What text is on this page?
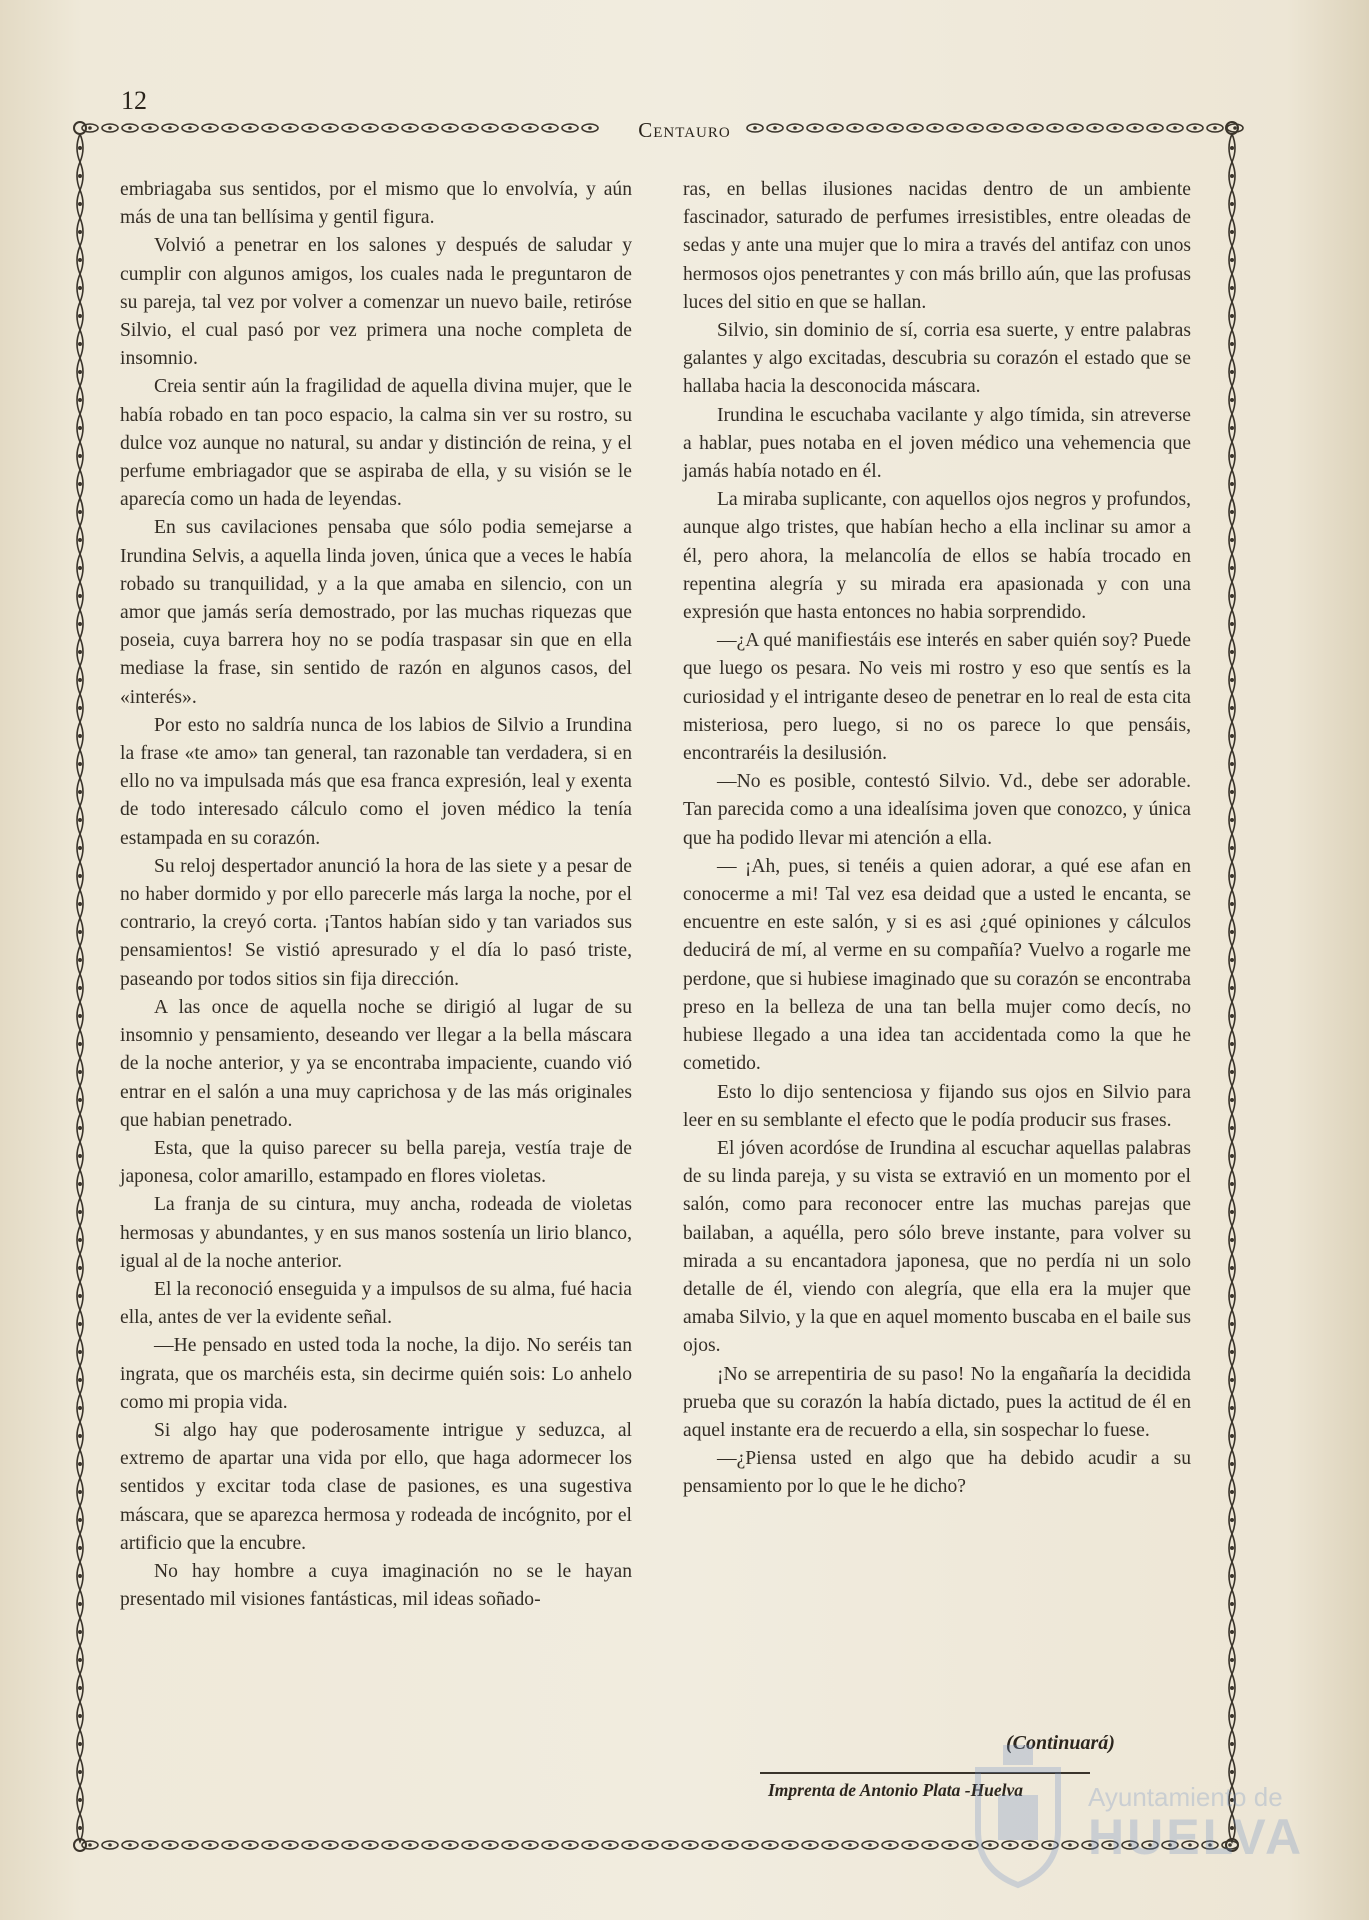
12
Centauro

embriagaba sus sentidos, por el mismo que lo envolvía, y aún más de una tan bellísima y gentil figura.

Volvió a penetrar en los salones y después de saludar y cumplir con algunos amigos, los cuales nada le preguntaron de su pareja, tal vez por volver a comenzar un nuevo baile, retiróse Silvio, el cual pasó por vez primera una noche completa de insomnio.

Creia sentir aún la fragilidad de aquella divina mujer, que le había robado en tan poco espacio, la calma sin ver su rostro, su dulce voz aunque no natural, su andar y distinción de reina, y el perfume embriagador que se aspiraba de ella, y su visión se le aparecía como un hada de leyendas.

En sus cavilaciones pensaba que sólo podia semejarse a Irundina Selvis, a aquella linda joven, única que a veces le había robado su tranquilidad, y a la que amaba en silencio, con un amor que jamás sería demostrado, por las muchas riquezas que poseia, cuya barrera hoy no se podía traspasar sin que en ella mediase la frase, sin sentido de razón en algunos casos, del «interés».

Por esto no saldría nunca de los labios de Silvio a Irundina la frase «te amo» tan general, tan razonable tan verdadera, si en ello no va impulsada más que esa franca expresión, leal y exenta de todo interesado cálculo como el joven médico la tenía estampada en su corazón.

Su reloj despertador anunció la hora de las siete y a pesar de no haber dormido y por ello parecerle más larga la noche, por el contrario, la creyó corta. ¡Tantos habían sido y tan variados sus pensamientos! Se vistió apresurado y el día lo pasó triste, paseando por todos sitios sin fija dirección.

A las once de aquella noche se dirigió al lugar de su insomnio y pensamiento, deseando ver llegar a la bella máscara de la noche anterior, y ya se encontraba impaciente, cuando vió entrar en el salón a una muy caprichosa y de las más originales que habian penetrado.

Esta, que la quiso parecer su bella pareja, vestía traje de japonesa, color amarillo, estampado en flores violetas.

La franja de su cintura, muy ancha, rodeada de violetas hermosas y abundantes, y en sus manos sostenía un lirio blanco, igual al de la noche anterior.

El la reconoció enseguida y a impulsos de su alma, fué hacia ella, antes de ver la evidente señal.

—He pensado en usted toda la noche, la dijo. No seréis tan ingrata, que os marchéis esta, sin decirme quién sois: Lo anhelo como mi propia vida.

Si algo hay que poderosamente intrigue y seduzca, al extremo de apartar una vida por ello, que haga adormecer los sentidos y excitar toda clase de pasiones, es una sugestiva máscara, que se aparezca hermosa y rodeada de incógnito, por el artificio que la encubre.

No hay hombre a cuya imaginación no se le hayan presentado mil visiones fantásticas, mil ideas soñado-

ras, en bellas ilusiones nacidas dentro de un ambiente fascinador, saturado de perfumes irresistibles, entre oleadas de sedas y ante una mujer que lo mira a través del antifaz con unos hermosos ojos penetrantes y con más brillo aún, que las profusas luces del sitio en que se hallan.

Silvio, sin dominio de sí, corria esa suerte, y entre palabras galantes y algo excitadas, descubria su corazón el estado que se hallaba hacia la desconocida máscara.

Irundina le escuchaba vacilante y algo tímida, sin atreverse a hablar, pues notaba en el joven médico una vehemencia que jamás había notado en él.

La miraba suplicante, con aquellos ojos negros y profundos, aunque algo tristes, que habían hecho a ella inclinar su amor a él, pero ahora, la melancolía de ellos se había trocado en repentina alegría y su mirada era apasionada y con una expresión que hasta entonces no habia sorprendido.

—¿A qué manifiestáis ese interés en saber quién soy? Puede que luego os pesara. No veis mi rostro y eso que sentís es la curiosidad y el intrigante deseo de penetrar en lo real de esta cita misteriosa, pero luego, si no os parece lo que pensáis, encontraréis la desilusión.

—No es posible, contestó Silvio. Vd., debe ser adorable. Tan parecida como a una idealísima joven que conozco, y única que ha podido llevar mi atención a ella.

— ¡Ah, pues, si tenéis a quien adorar, a qué ese afan en conocerme a mi! Tal vez esa deidad que a usted le encanta, se encuentre en este salón, y si es asi ¿qué opiniones y cálculos deducirá de mí, al verme en su compañía? Vuelvo a rogarle me perdone, que si hubiese imaginado que su corazón se encontraba preso en la belleza de una tan bella mujer como decís, no hubiese llegado a una idea tan accidentada como la que he cometido.

Esto lo dijo sentenciosa y fijando sus ojos en Silvio para leer en su semblante el efecto que le podía producir sus frases.

El jóven acordóse de Irundina al escuchar aquellas palabras de su linda pareja, y su vista se extravió en un momento por el salón, como para reconocer entre las muchas parejas que bailaban, a aquélla, pero sólo breve instante, para volver su mirada a su encantadora japonesa, que no perdía ni un solo detalle de él, viendo con alegría, que ella era la mujer que amaba Silvio, y la que en aquel momento buscaba en el baile sus ojos.

¡No se arrepentiria de su paso! No la engañaría la decidida prueba que su corazón la había dictado, pues la actitud de él en aquel instante era de recuerdo a ella, sin sospechar lo fuese.

—¿Piensa usted en algo que ha debido acudir a su pensamiento por lo que le he dicho?

(Continuará)
Imprenta de Antonio Plata -Huelva Ayuntamiento de
HUELVA
